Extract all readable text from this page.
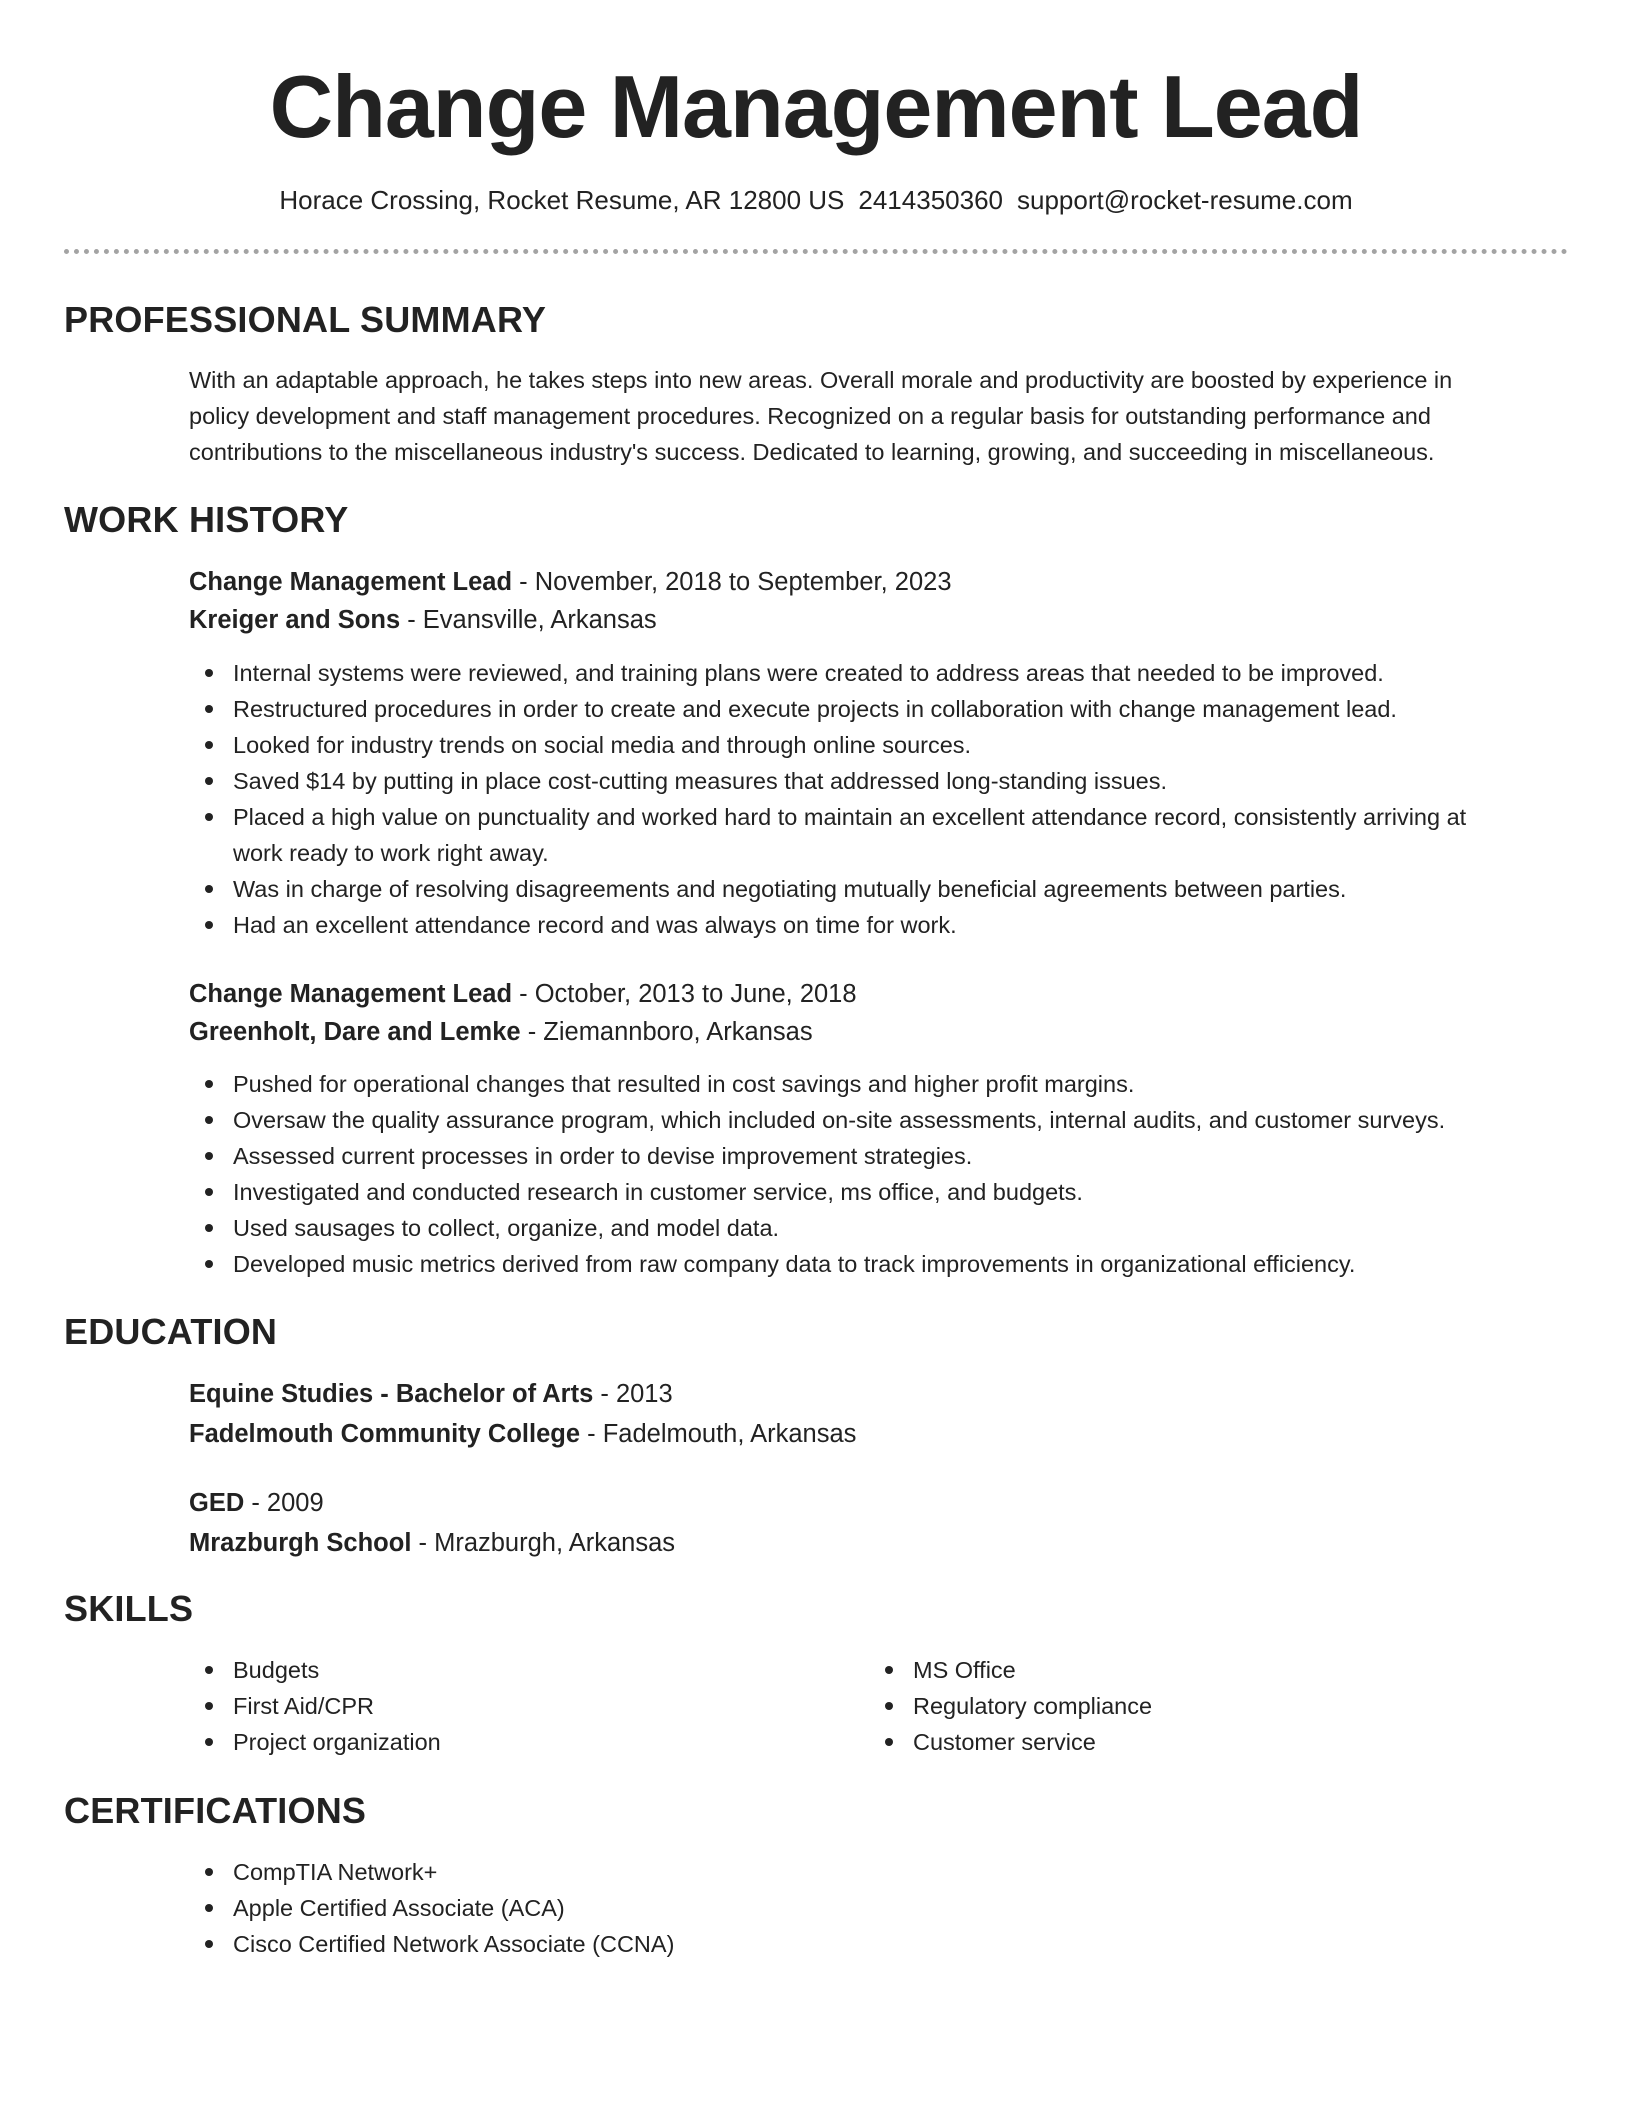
Change Management Lead
Horace Crossing, Rocket Resume, AR 12800 US 2414350360 support@rocket-resume.com
PROFESSIONAL SUMMARY
With an adaptable approach, he takes steps into new areas. Overall morale and productivity are boosted by experience in
policy development and staff management procedures. Recognized on a regular basis for outstanding performance and
contributions to the miscellaneous industry's success. Dedicated to learning, growing, and succeeding in miscellaneous.
WORK HISTORY
Change Management Lead - November, 2018 to September, 2023
Kreiger and Sons - Evansville, Arkansas
Internal systems were reviewed, and training plans were created to address areas that needed to be improved.
Restructured procedures in order to create and execute projects in collaboration with change management lead.
Looked for industry trends on social media and through online sources.
Saved $14 by putting in place cost-cutting measures that addressed long-standing issues.
Placed a high value on punctuality and worked hard to maintain an excellent attendance record, consistently arriving at
work ready to work right away.
Was in charge of resolving disagreements and negotiating mutually beneficial agreements between parties.
Had an excellent attendance record and was always on time for work.
Change Management Lead - October, 2013 to June, 2018
Greenholt, Dare and Lemke - Ziemannboro, Arkansas
Pushed for operational changes that resulted in cost savings and higher profit margins.
Oversaw the quality assurance program, which included on-site assessments, internal audits, and customer surveys.
Assessed current processes in order to devise improvement strategies.
Investigated and conducted research in customer service, ms office, and budgets.
Used sausages to collect, organize, and model data.
Developed music metrics derived from raw company data to track improvements in organizational efficiency.
EDUCATION
Equine Studies - Bachelor of Arts - 2013
Fadelmouth Community College - Fadelmouth, Arkansas
GED - 2009
Mrazburgh School - Mrazburgh, Arkansas
SKILLS
Budgets
First Aid/CPR
Project organization
MS Office
Regulatory compliance
Customer service
CERTIFICATIONS
CompTIA Network+
Apple Certified Associate (ACA)
Cisco Certified Network Associate (CCNA)
